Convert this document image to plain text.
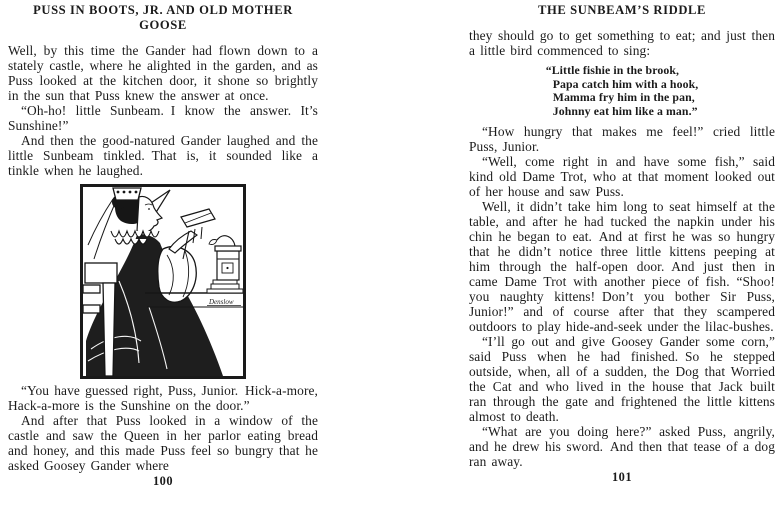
PUSS IN BOOTS, JR. AND OLD MOTHER GOOSE

Well, by this time the Gander had flown down to a stately castle, where he alighted in the garden, and as Puss looked at the kitchen door, it shone so brightly in the sun that Puss knew the answer at once.

“Oh-ho! little Sunbeam. I know the answer. It’s Sunshine!”

And then the good-natured Gander laughed and the little Sunbeam tinkled. That is, it sounded like a tinkle when he laughed.

Denslow

“You have guessed right, Puss, Junior. Hick-a-more, Hack-a-more is the Sunshine on the door.”

And after that Puss looked in a window of the castle and saw the Queen in her parlor eating bread and honey, and this made Puss feel so bungry that he asked Goosey Gander where

100
THE SUNBEAM’S RIDDLE

they should go to get something to eat; and just then a little bird commenced to sing:

“Little fishie in the brook,
Papa catch him with a hook,
Mamma fry him in the pan,
Johnny eat him like a man.”

“How hungry that makes me feel!” cried little Puss, Junior.

“Well, come right in and have some fish,” said kind old Dame Trot, who at that moment looked out of her house and saw Puss.

Well, it didn’t take him long to seat himself at the table, and after he had tucked the napkin under his chin he began to eat. And at first he was so hungry that he didn’t notice three little kittens peeping at him through the half-open door. And just then in came Dame Trot with another piece of fish. “Shoo! you naughty kittens! Don’t you bother Sir Puss, Junior!” and of course after that they scampered outdoors to play hide-and-seek under the lilac-bushes.

“I’ll go out and give Goosey Gander some corn,” said Puss when he had finished. So he stepped outside, when, all of a sudden, the Dog that Worried the Cat and who lived in the house that Jack built ran through the gate and frightened the little kittens almost to death.

“What are you doing here?” asked Puss, angrily, and he drew his sword. And then that tease of a dog ran away.

101
